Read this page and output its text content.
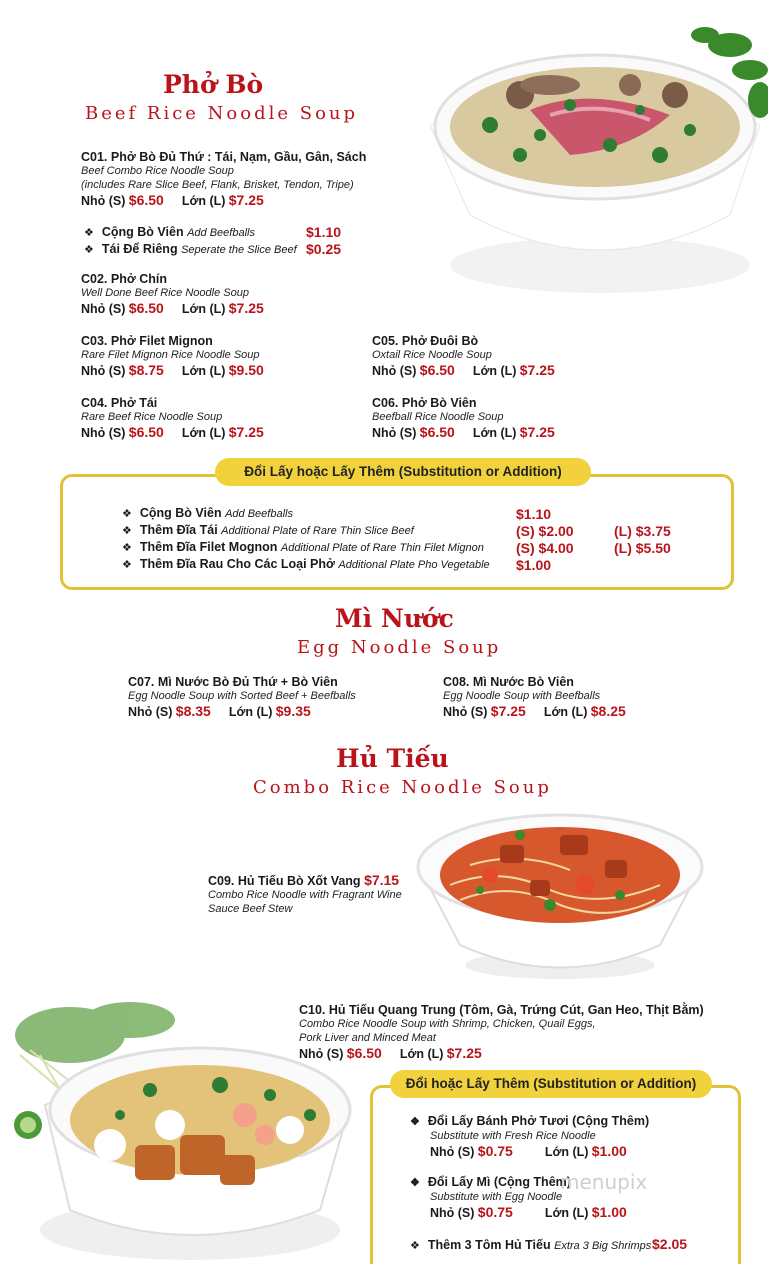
Phở Bò
Beef Rice Noodle Soup
C01. Phở Bò Đủ Thứ : Tái, Nạm, Gầu, Gân, Sách
Beef Combo Rice Noodle Soup
(includes Rare Slice Beef, Flank, Brisket, Tendon, Tripe)
Nhỏ (S) $6.50 Lớn (L) $7.25
❖ Cộng Bò Viên Add Beefballs	$1.10
❖ Tái Để Riêng Seperate the Slice Beef $0.25
C02. Phở Chín
Well Done Beef Rice Noodle Soup
Nhỏ (S) $6.50 Lớn (L) $7.25
C03. Phở Filet Mignon
Rare Filet Mignon Rice Noodle Soup
Nhỏ (S) $8.75 Lớn (L) $9.50
C04. Phở Tái
Rare Beef Rice Noodle Soup
Nhỏ (S) $6.50 Lớn (L) $7.25
C05. Phở Đuôi Bò
Oxtail Rice Noodle Soup
Nhỏ (S) $6.50 Lớn (L) $7.25
C06. Phở Bò Viên
Beefball Rice Noodle Soup
Nhỏ (S) $6.50 Lớn (L) $7.25
Đổi Lấy hoặc Lấy Thêm (Substitution or Addition)
❖ Cộng Bò Viên Add Beefballs	$1.10
❖ Thêm Đĩa Tái Additional Plate of Rare Thin Slice Beef	(S) $2.00	(L) $3.75
❖ Thêm Đĩa Filet Mognon Additional Plate of Rare Thin Filet Mignon (S) $4.00	(L) $5.50
❖ Thêm Đĩa Rau Cho Các Loại Phở Additional Plate Pho Vegetable $1.00
Mì Nước
Egg Noodle Soup
C07. Mì Nước Bò Đủ Thứ + Bò Viên
Egg Noodle Soup with Sorted Beef + Beefballs
Nhỏ (S) $8.35 Lớn (L) $9.35
C08. Mì Nước Bò Viên
Egg Noodle Soup with Beefballs
Nhỏ (S) $7.25 Lớn (L) $8.25
Hủ Tiếu
Combo Rice Noodle Soup
C09. Hủ Tiếu Bò Xốt Vang $7.15
Combo Rice Noodle with Fragrant Wine
Sauce Beef Stew
C10. Hủ Tiếu Quang Trung (Tôm, Gà, Trứng Cút, Gan Heo, Thịt Bằm)
Combo Rice Noodle Soup with Shrimp, Chicken, Quail Eggs,
Pork Liver and Minced Meat
Nhỏ (S) $6.50 Lớn (L) $7.25
Đổi hoặc Lấy Thêm (Substitution or Addition)
❖ Đổi Lấy Bánh Phở Tươi (Cộng Thêm)
Substitute with Fresh Rice Noodle
Nhỏ (S) $0.75	Lớn (L) $1.00
❖ Đổi Lấy Mì (Cộng Thêm)
Substitute with Egg Noodle
Nhỏ (S) $0.75	Lớn (L) $1.00
❖ Thêm 3 Tôm Hủ Tiếu Extra 3 Big Shrimps $2.05
menupix
